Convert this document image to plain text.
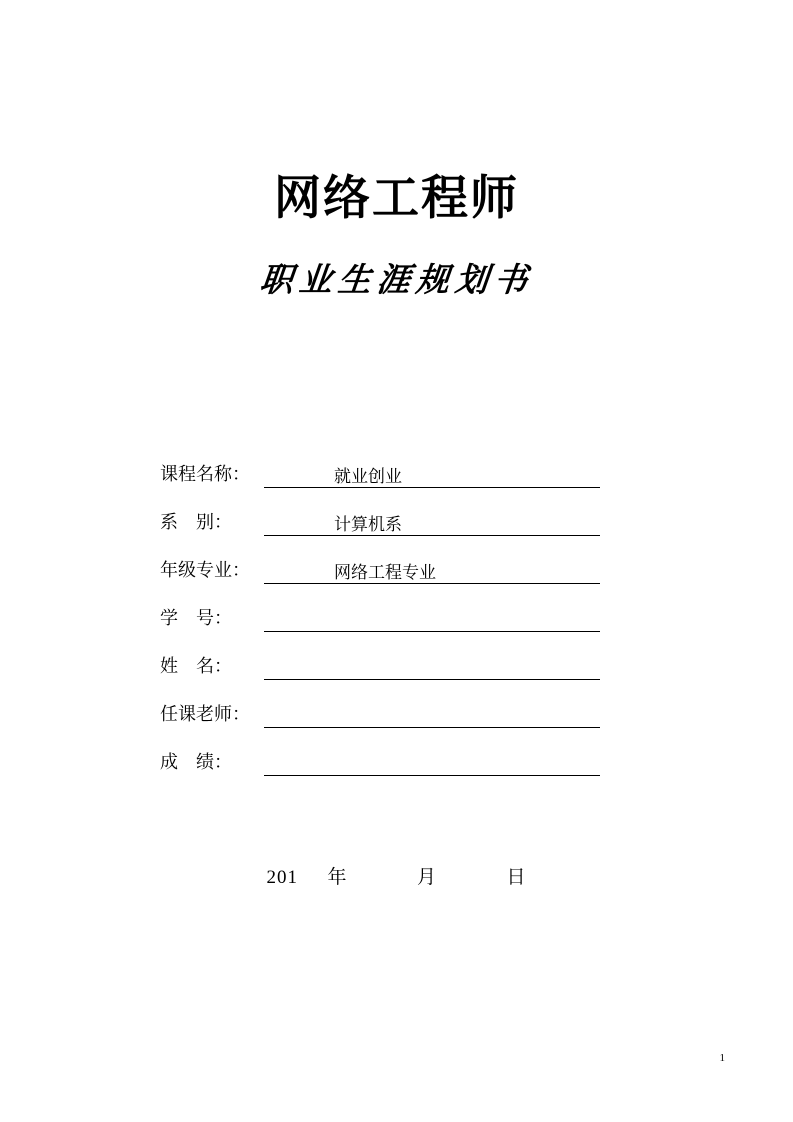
网络工程师
职业生涯规划书
课程名称：	就业创业
系    别：	计算机系
年级专业：	网络工程专业
学    号：
姓    名：
任课老师：
成    绩：
201 年	月	日
1
